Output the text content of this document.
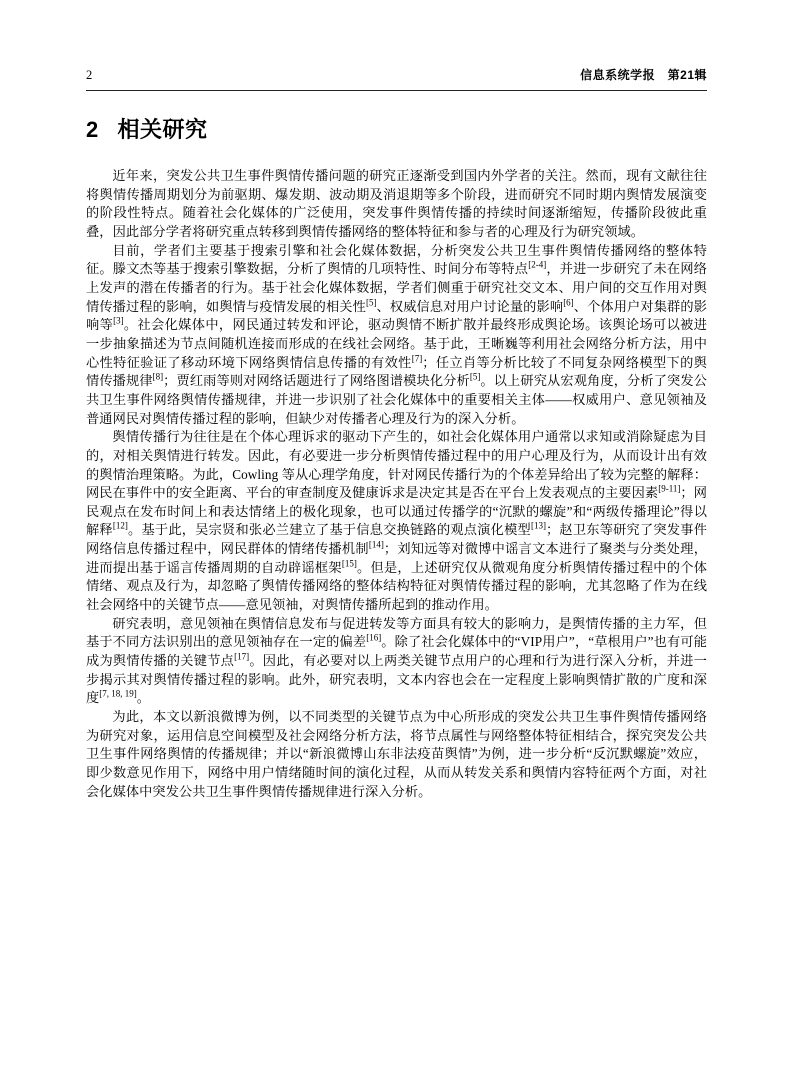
2	信息系统学报　第21辑
2 相关研究

近年来，突发公共卫生事件舆情传播问题的研究正逐渐受到国内外学者的关注。然而，现有文献往往将舆情传播周期划分为前驱期、爆发期、波动期及消退期等多个阶段，进而研究不同时期内舆情发展演变的阶段性特点。随着社会化媒体的广泛使用，突发事件舆情传播的持续时间逐渐缩短，传播阶段彼此重叠，因此部分学者将研究重点转移到舆情传播网络的整体特征和参与者的心理及行为研究领域。

目前，学者们主要基于搜索引擎和社会化媒体数据，分析突发公共卫生事件舆情传播网络的整体特征。滕文杰等基于搜索引擎数据，分析了舆情的几项特性、时间分布等特点[2-4]，并进一步研究了未在网络上发声的潜在传播者的行为。基于社会化媒体数据，学者们侧重于研究社交文本、用户间的交互作用对舆情传播过程的影响，如舆情与疫情发展的相关性[5]、权威信息对用户讨论量的影响[6]、个体用户对集群的影响等[3]。社会化媒体中，网民通过转发和评论，驱动舆情不断扩散并最终形成舆论场。该舆论场可以被进一步抽象描述为节点间随机连接而形成的在线社会网络。基于此，王晰巍等利用社会网络分析方法，用中心性特征验证了移动环境下网络舆情信息传播的有效性[7]；任立肖等分析比较了不同复杂网络模型下的舆情传播规律[8]；贾红雨等则对网络话题进行了网络图谱模块化分析[5]。以上研究从宏观角度，分析了突发公共卫生事件网络舆情传播规律，并进一步识别了社会化媒体中的重要相关主体——权威用户、意见领袖及普通网民对舆情传播过程的影响，但缺少对传播者心理及行为的深入分析。

舆情传播行为往往是在个体心理诉求的驱动下产生的，如社会化媒体用户通常以求知或消除疑虑为目的，对相关舆情进行转发。因此，有必要进一步分析舆情传播过程中的用户心理及行为，从而设计出有效的舆情治理策略。为此，Cowling 等从心理学角度，针对网民传播行为的个体差异给出了较为完整的解释：网民在事件中的安全距离、平台的审查制度及健康诉求是决定其是否在平台上发表观点的主要因素[9-11]；网民观点在发布时间上和表达情绪上的极化现象，也可以通过传播学的“沉默的螺旋”和“两级传播理论”得以解释[12]。基于此，吴宗贤和张必兰建立了基于信息交换链路的观点演化模型[13]；赵卫东等研究了突发事件网络信息传播过程中，网民群体的情绪传播机制[14]；刘知远等对微博中谣言文本进行了聚类与分类处理，进而提出基于谣言传播周期的自动辟谣框架[15]。但是，上述研究仅从微观角度分析舆情传播过程中的个体情绪、观点及行为，却忽略了舆情传播网络的整体结构特征对舆情传播过程的影响，尤其忽略了作为在线社会网络中的关键节点——意见领袖，对舆情传播所起到的推动作用。

研究表明，意见领袖在舆情信息发布与促进转发等方面具有较大的影响力，是舆情传播的主力军，但基于不同方法识别出的意见领袖存在一定的偏差[16]。除了社会化媒体中的“VIP用户”，“草根用户”也有可能成为舆情传播的关键节点[17]。因此，有必要对以上两类关键节点用户的心理和行为进行深入分析，并进一步揭示其对舆情传播过程的影响。此外，研究表明，文本内容也会在一定程度上影响舆情扩散的广度和深度[7, 18, 19]。

为此，本文以新浪微博为例，以不同类型的关键节点为中心所形成的突发公共卫生事件舆情传播网络为研究对象，运用信息空间模型及社会网络分析方法，将节点属性与网络整体特征相结合，探究突发公共卫生事件网络舆情的传播规律；并以“新浪微博山东非法疫苗舆情”为例，进一步分析“反沉默螺旋”效应，即少数意见作用下，网络中用户情绪随时间的演化过程，从而从转发关系和舆情内容特征两个方面，对社会化媒体中突发公共卫生事件舆情传播规律进行深入分析。
